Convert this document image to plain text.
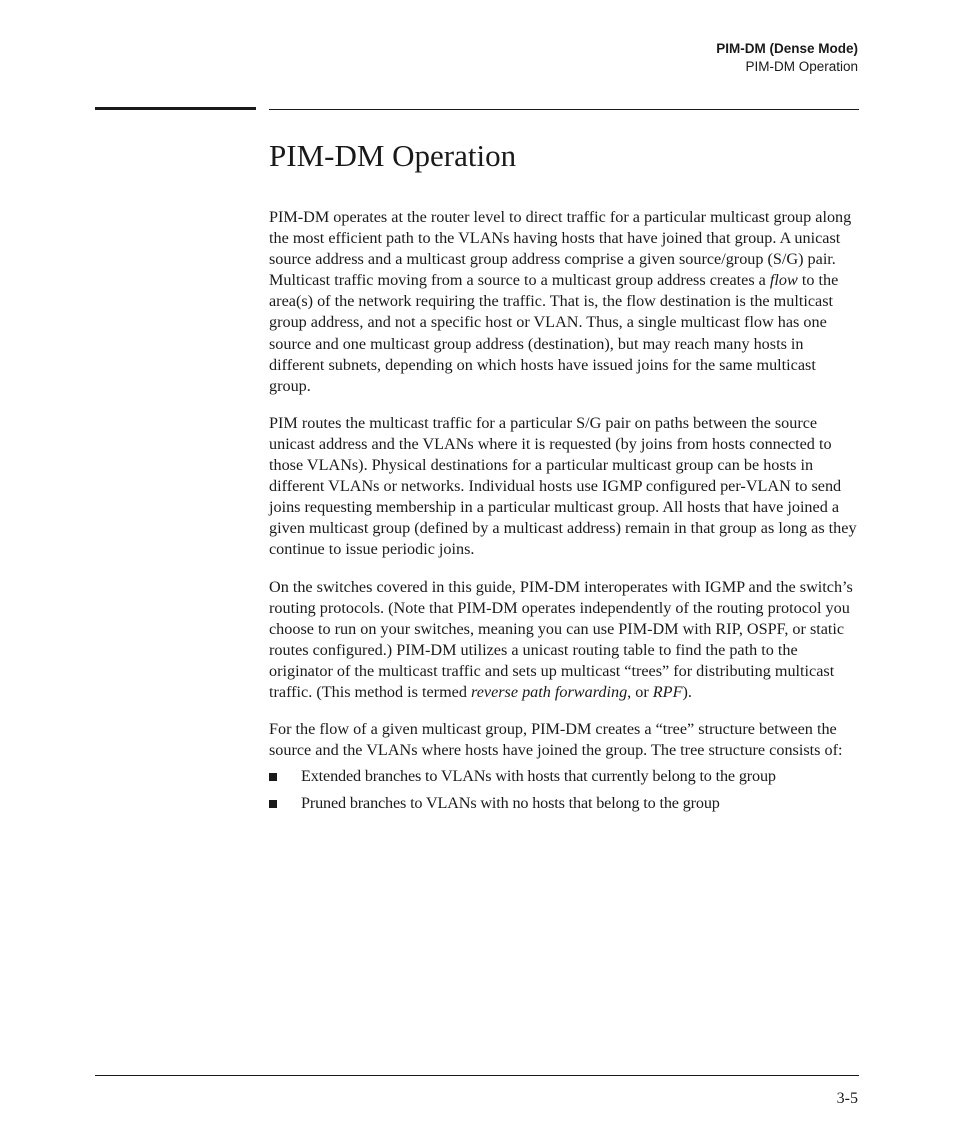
PIM-DM (Dense Mode)
PIM-DM Operation
PIM-DM Operation

PIM-DM operates at the router level to direct traffic for a particular multicast group along the most efficient path to the VLANs having hosts that have joined that group. A unicast source address and a multicast group address comprise a given source/group (S/G) pair. Multicast traffic moving from a source to a multicast group address creates a flow to the area(s) of the network requiring the traffic. That is, the flow destination is the multicast group address, and not a specific host or VLAN. Thus, a single multicast flow has one source and one multicast group address (destination), but may reach many hosts in different subnets, depending on which hosts have issued joins for the same multicast group.

PIM routes the multicast traffic for a particular S/G pair on paths between the source unicast address and the VLANs where it is requested (by joins from hosts connected to those VLANs). Physical destinations for a particular multicast group can be hosts in different VLANs or networks. Individual hosts use IGMP configured per-VLAN to send joins requesting membership in a particular multicast group. All hosts that have joined a given multicast group (defined by a multicast address) remain in that group as long as they continue to issue periodic joins.

On the switches covered in this guide, PIM-DM interoperates with IGMP and the switch’s routing protocols. (Note that PIM-DM operates independently of the routing protocol you choose to run on your switches, meaning you can use PIM-DM with RIP, OSPF, or static routes configured.) PIM-DM utilizes a unicast routing table to find the path to the originator of the multicast traffic and sets up multicast “trees” for distributing multicast traffic. (This method is termed reverse path forwarding, or RPF).

For the flow of a given multicast group, PIM-DM creates a “tree” structure between the source and the VLANs where hosts have joined the group. The tree structure consists of:

Extended branches to VLANs with hosts that currently belong to the group
Pruned branches to VLANs with no hosts that belong to the group
3-5
